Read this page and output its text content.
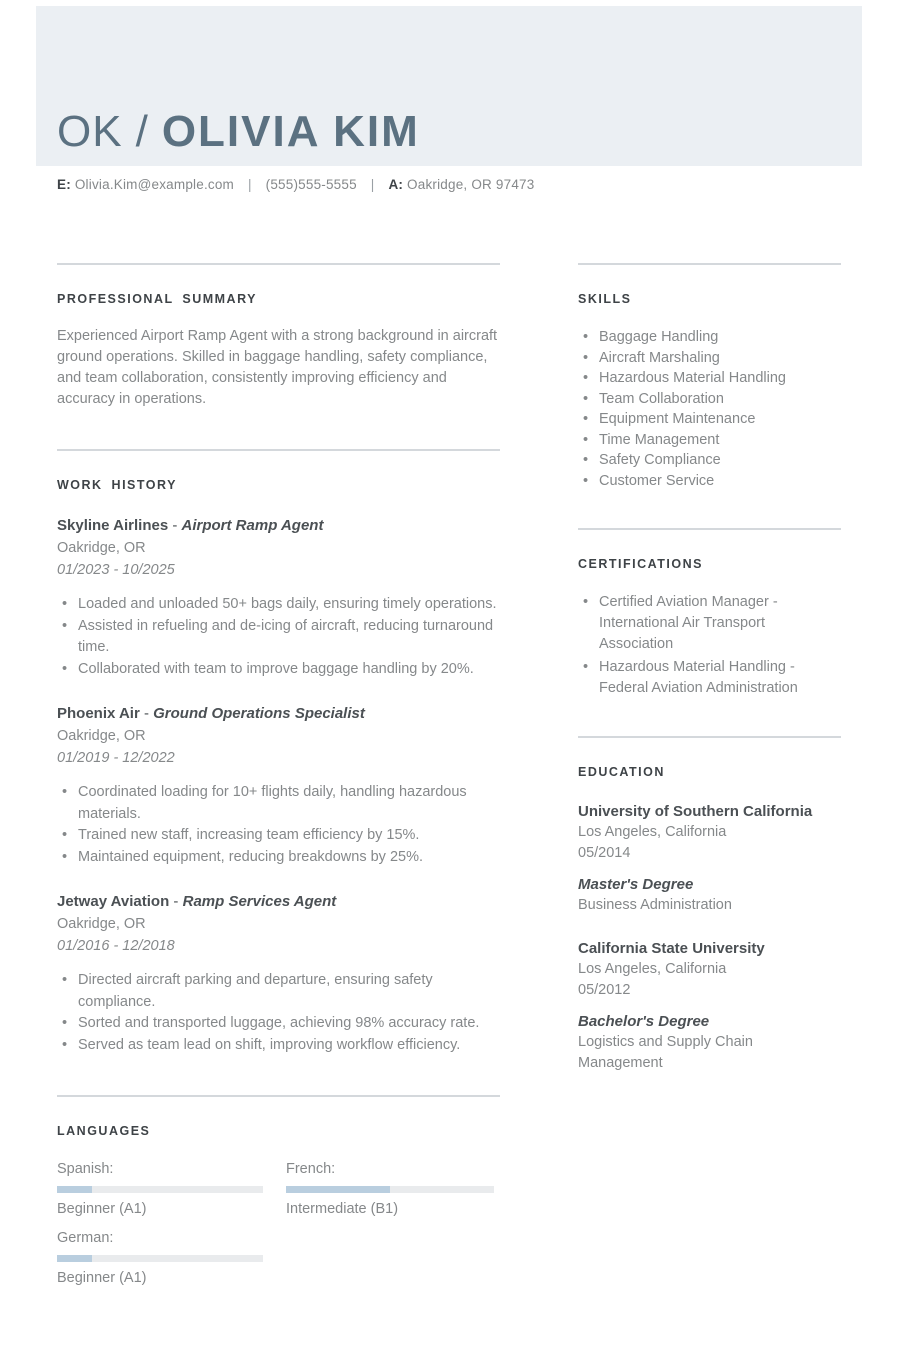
OK / OLIVIA KIM
E: Olivia.Kim@example.com | (555)555-5555 | A: Oakridge, OR 97473
PROFESSIONAL SUMMARY

Experienced Airport Ramp Agent with a strong background in aircraft ground operations. Skilled in baggage handling, safety compliance, and team collaboration, consistently improving efficiency and accuracy in operations.

WORK HISTORY
Skyline Airlines - Airport Ramp Agent
Oakridge, OR
01/2023 - 10/2025
• Loaded and unloaded 50+ bags daily, ensuring timely operations.
• Assisted in refueling and de-icing of aircraft, reducing turnaround time.
• Collaborated with team to improve baggage handling by 20%.
Phoenix Air - Ground Operations Specialist
Oakridge, OR
01/2019 - 12/2022
• Coordinated loading for 10+ flights daily, handling hazardous materials.
• Trained new staff, increasing team efficiency by 15%.
• Maintained equipment, reducing breakdowns by 25%.
Jetway Aviation - Ramp Services Agent
Oakridge, OR
01/2016 - 12/2018
• Directed aircraft parking and departure, ensuring safety compliance.
• Sorted and transported luggage, achieving 98% accuracy rate.
• Served as team lead on shift, improving workflow efficiency.
LANGUAGES
Spanish:
Beginner (A1)
French:
Intermediate (B1)
German:
Beginner (A1)
SKILLS
• Baggage Handling
• Aircraft Marshaling
• Hazardous Material Handling
• Team Collaboration
• Equipment Maintenance
• Time Management
• Safety Compliance
• Customer Service
CERTIFICATIONS
• Certified Aviation Manager -
International Air Transport Association
• Hazardous Material Handling -
Federal Aviation Administration
EDUCATION
University of Southern California
Los Angeles, California
05/2014
Master's Degree
Business Administration
California State University
Los Angeles, California
05/2012
Bachelor's Degree
Logistics and Supply Chain Management
